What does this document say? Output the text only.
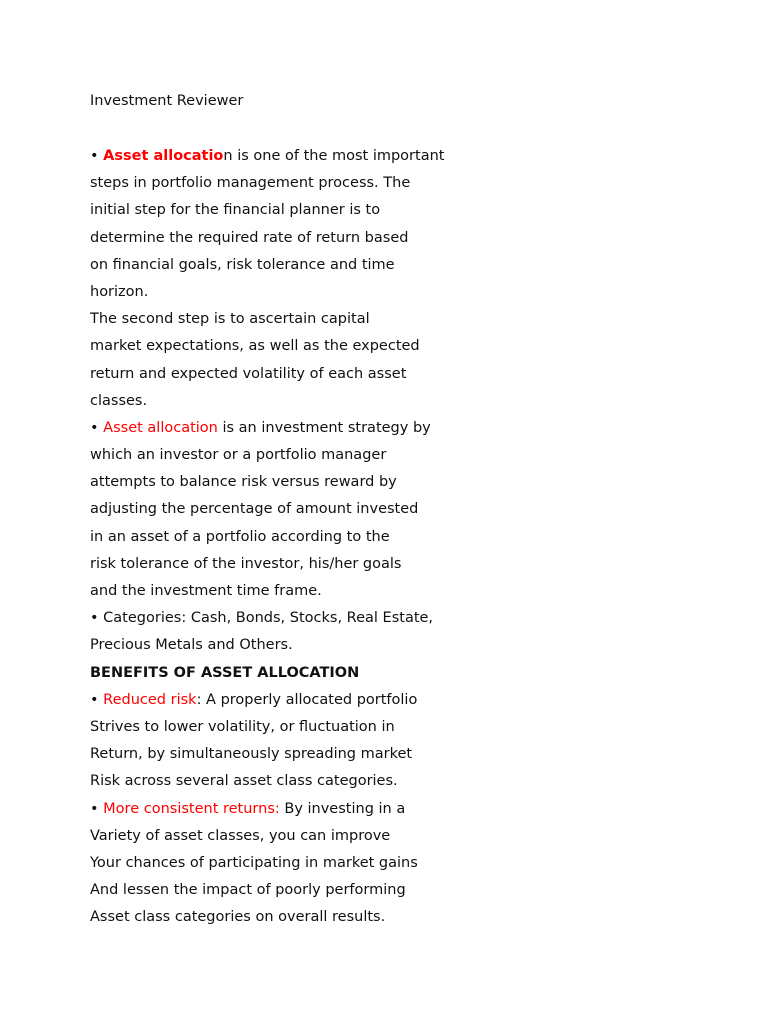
Investment Reviewer
• Asset allocation is one of the most important
steps in portfolio management process. The
initial step for the financial planner is to
determine the required rate of return based
on financial goals, risk tolerance and time
horizon.
The second step is to ascertain capital
market expectations, as well as the expected
return and expected volatility of each asset
classes.
• Asset allocation is an investment strategy by
which an investor or a portfolio manager
attempts to balance risk versus reward by
adjusting the percentage of amount invested
in an asset of a portfolio according to the
risk tolerance of the investor, his/her goals
and the investment time frame.
• Categories: Cash, Bonds, Stocks, Real Estate,
Precious Metals and Others.
BENEFITS OF ASSET ALLOCATION
• Reduced risk: A properly allocated portfolio
Strives to lower volatility, or fluctuation in
Return, by simultaneously spreading market
Risk across several asset class categories.
• More consistent returns: By investing in a
Variety of asset classes, you can improve
Your chances of participating in market gains
And lessen the impact of poorly performing
Asset class categories on overall results.
